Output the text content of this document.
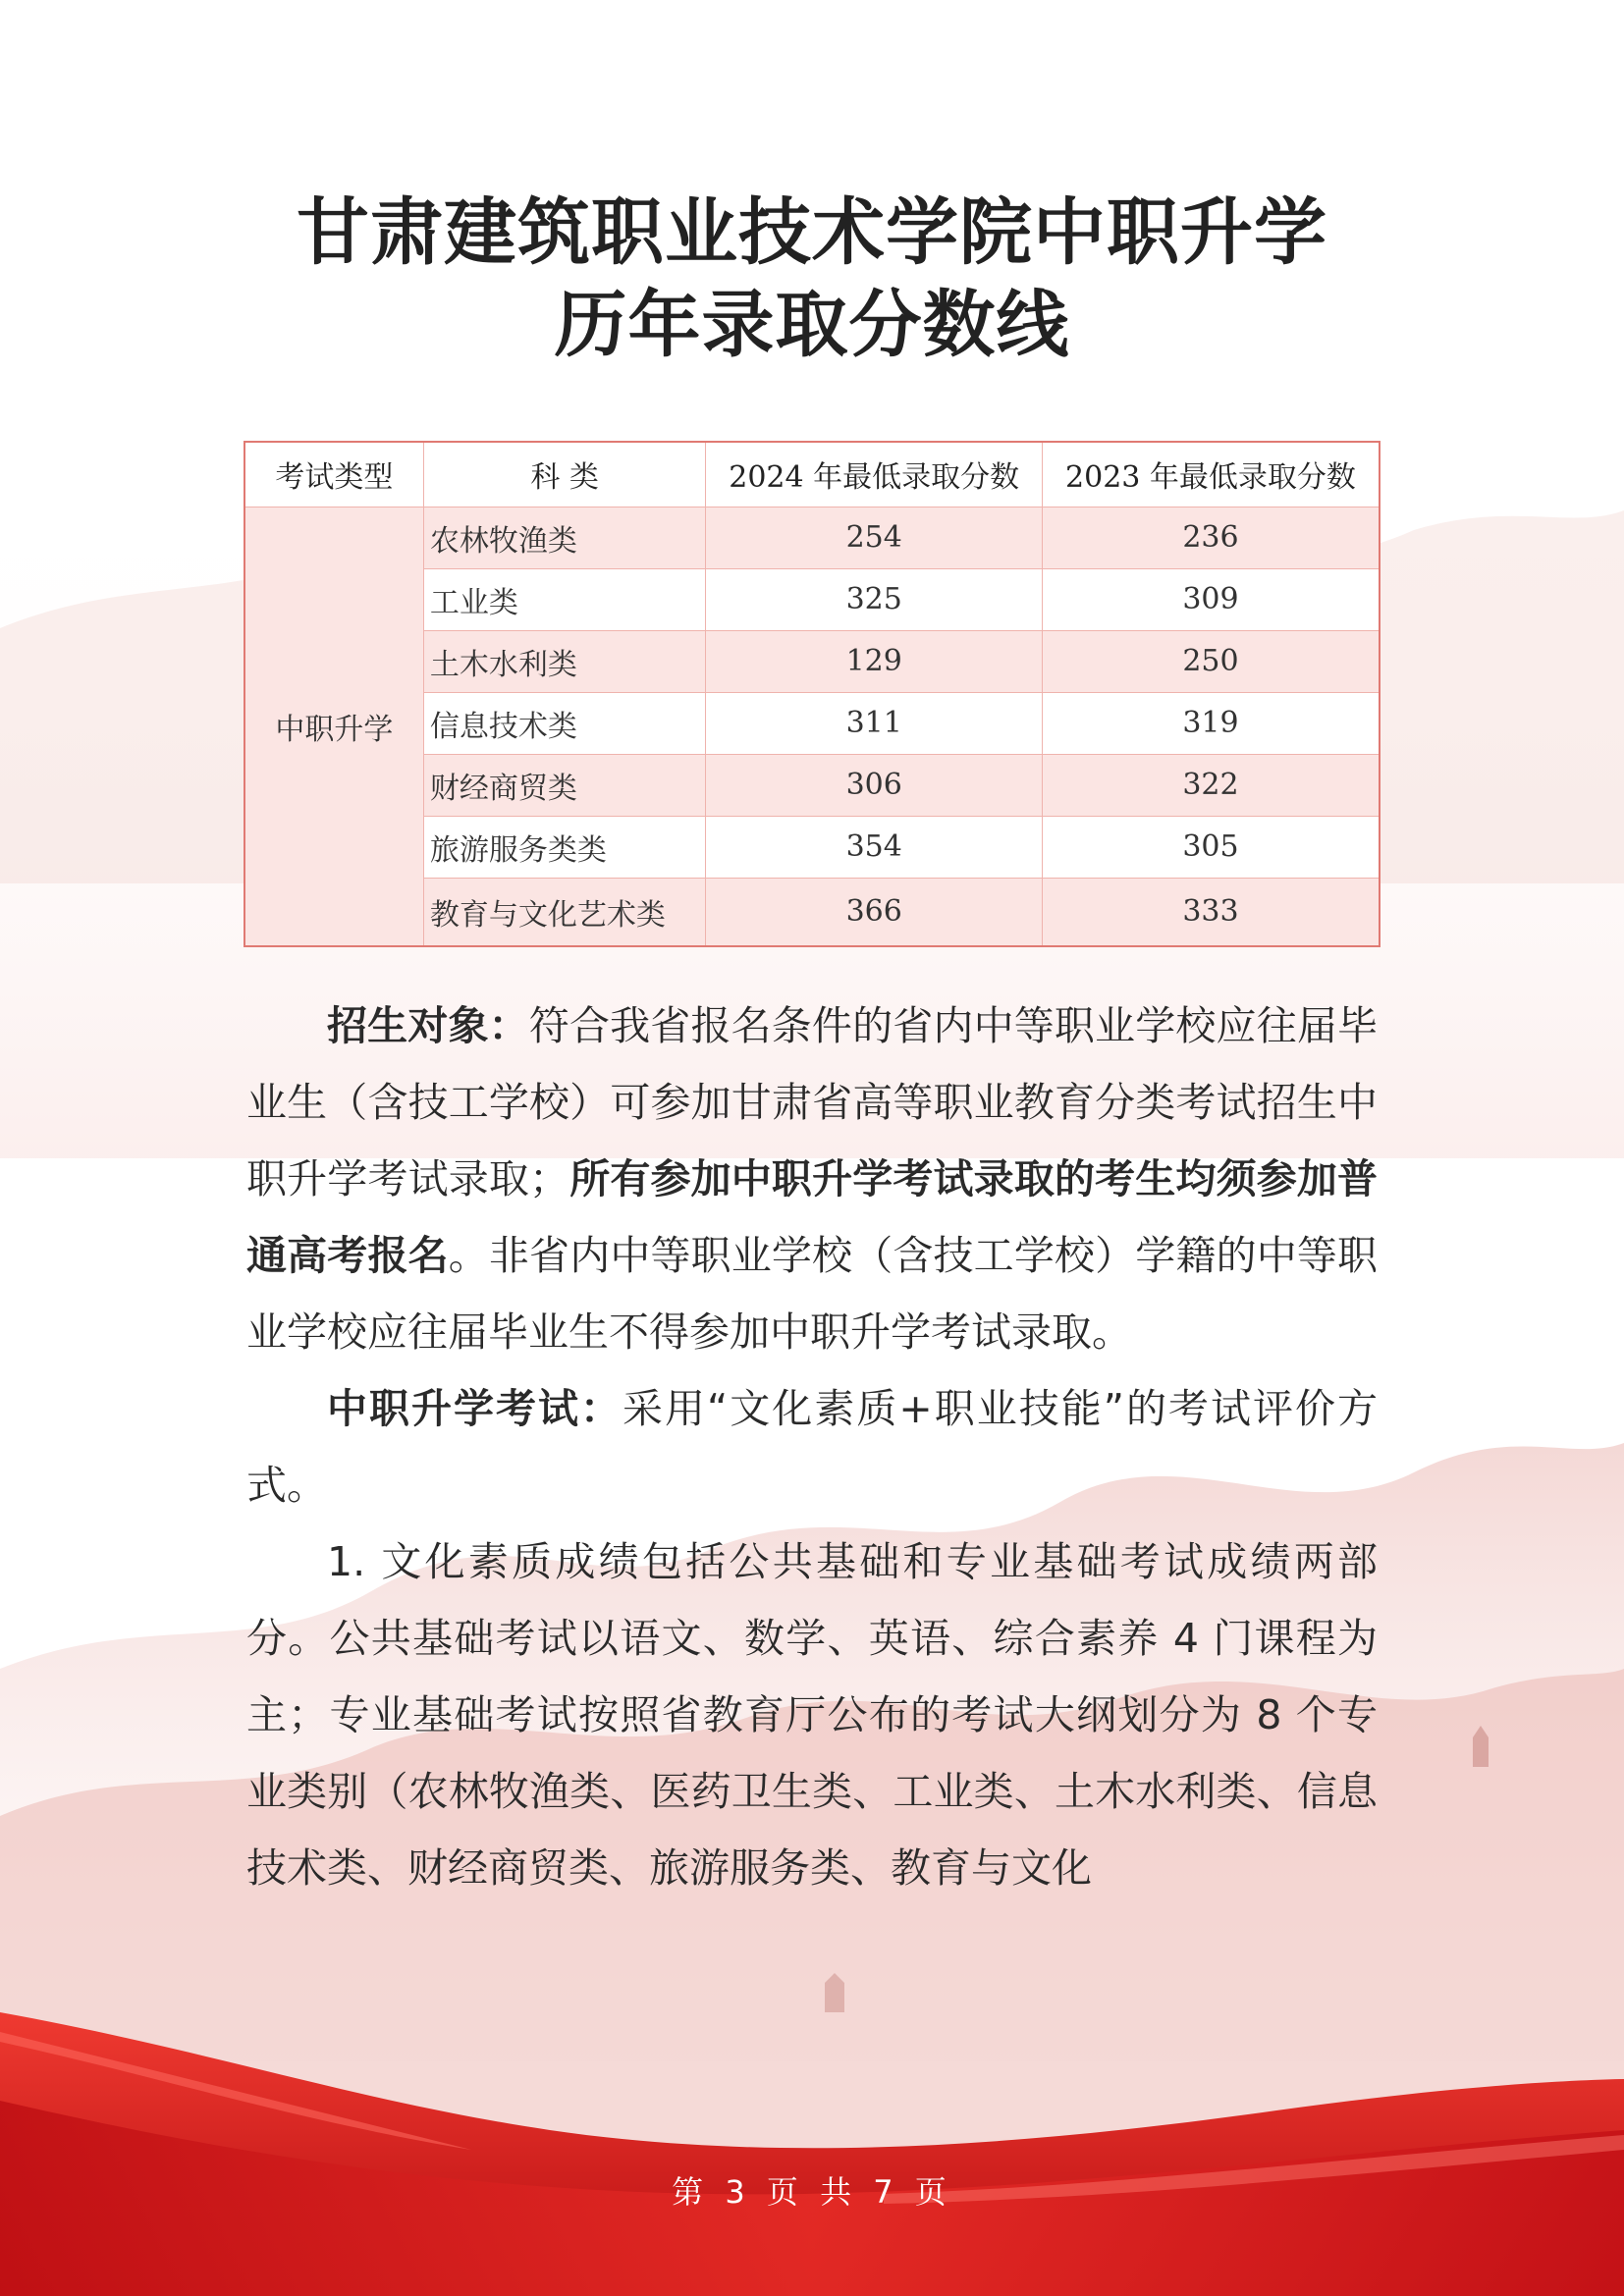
甘肃建筑职业技术学院中职升学
历年录取分数线
考试类型	科 类	2024 年最低录取分数	2023 年最低录取分数
中职升学	农林牧渔类	254	236
	工业类	325	309
	土木水利类	129	250
	信息技术类	311	319
	财经商贸类	306	322
	旅游服务类类	354	305
	教育与文化艺术类	366	333

招生对象：符合我省报名条件的省内中等职业学校应往届毕业生（含技工学校）可参加甘肃省高等职业教育分类考试招生中职升学考试录取；所有参加中职升学考试录取的考生均须参加普通高考报名。非省内中等职业学校（含技工学校）学籍的中等职业学校应往届毕业生不得参加中职升学考试录取。

中职升学考试：采用“文化素质+职业技能”的考试评价方式。

1. 文化素质成绩包括公共基础和专业基础考试成绩两部分。公共基础考试以语文、数学、英语、综合素养 4 门课程为主；专业基础考试按照省教育厅公布的考试大纲划分为 8 个专业类别（农林牧渔类、医药卫生类、工业类、土木水利类、信息技术类、财经商贸类、旅游服务类、教育与文化

第 3 页 共 7 页
